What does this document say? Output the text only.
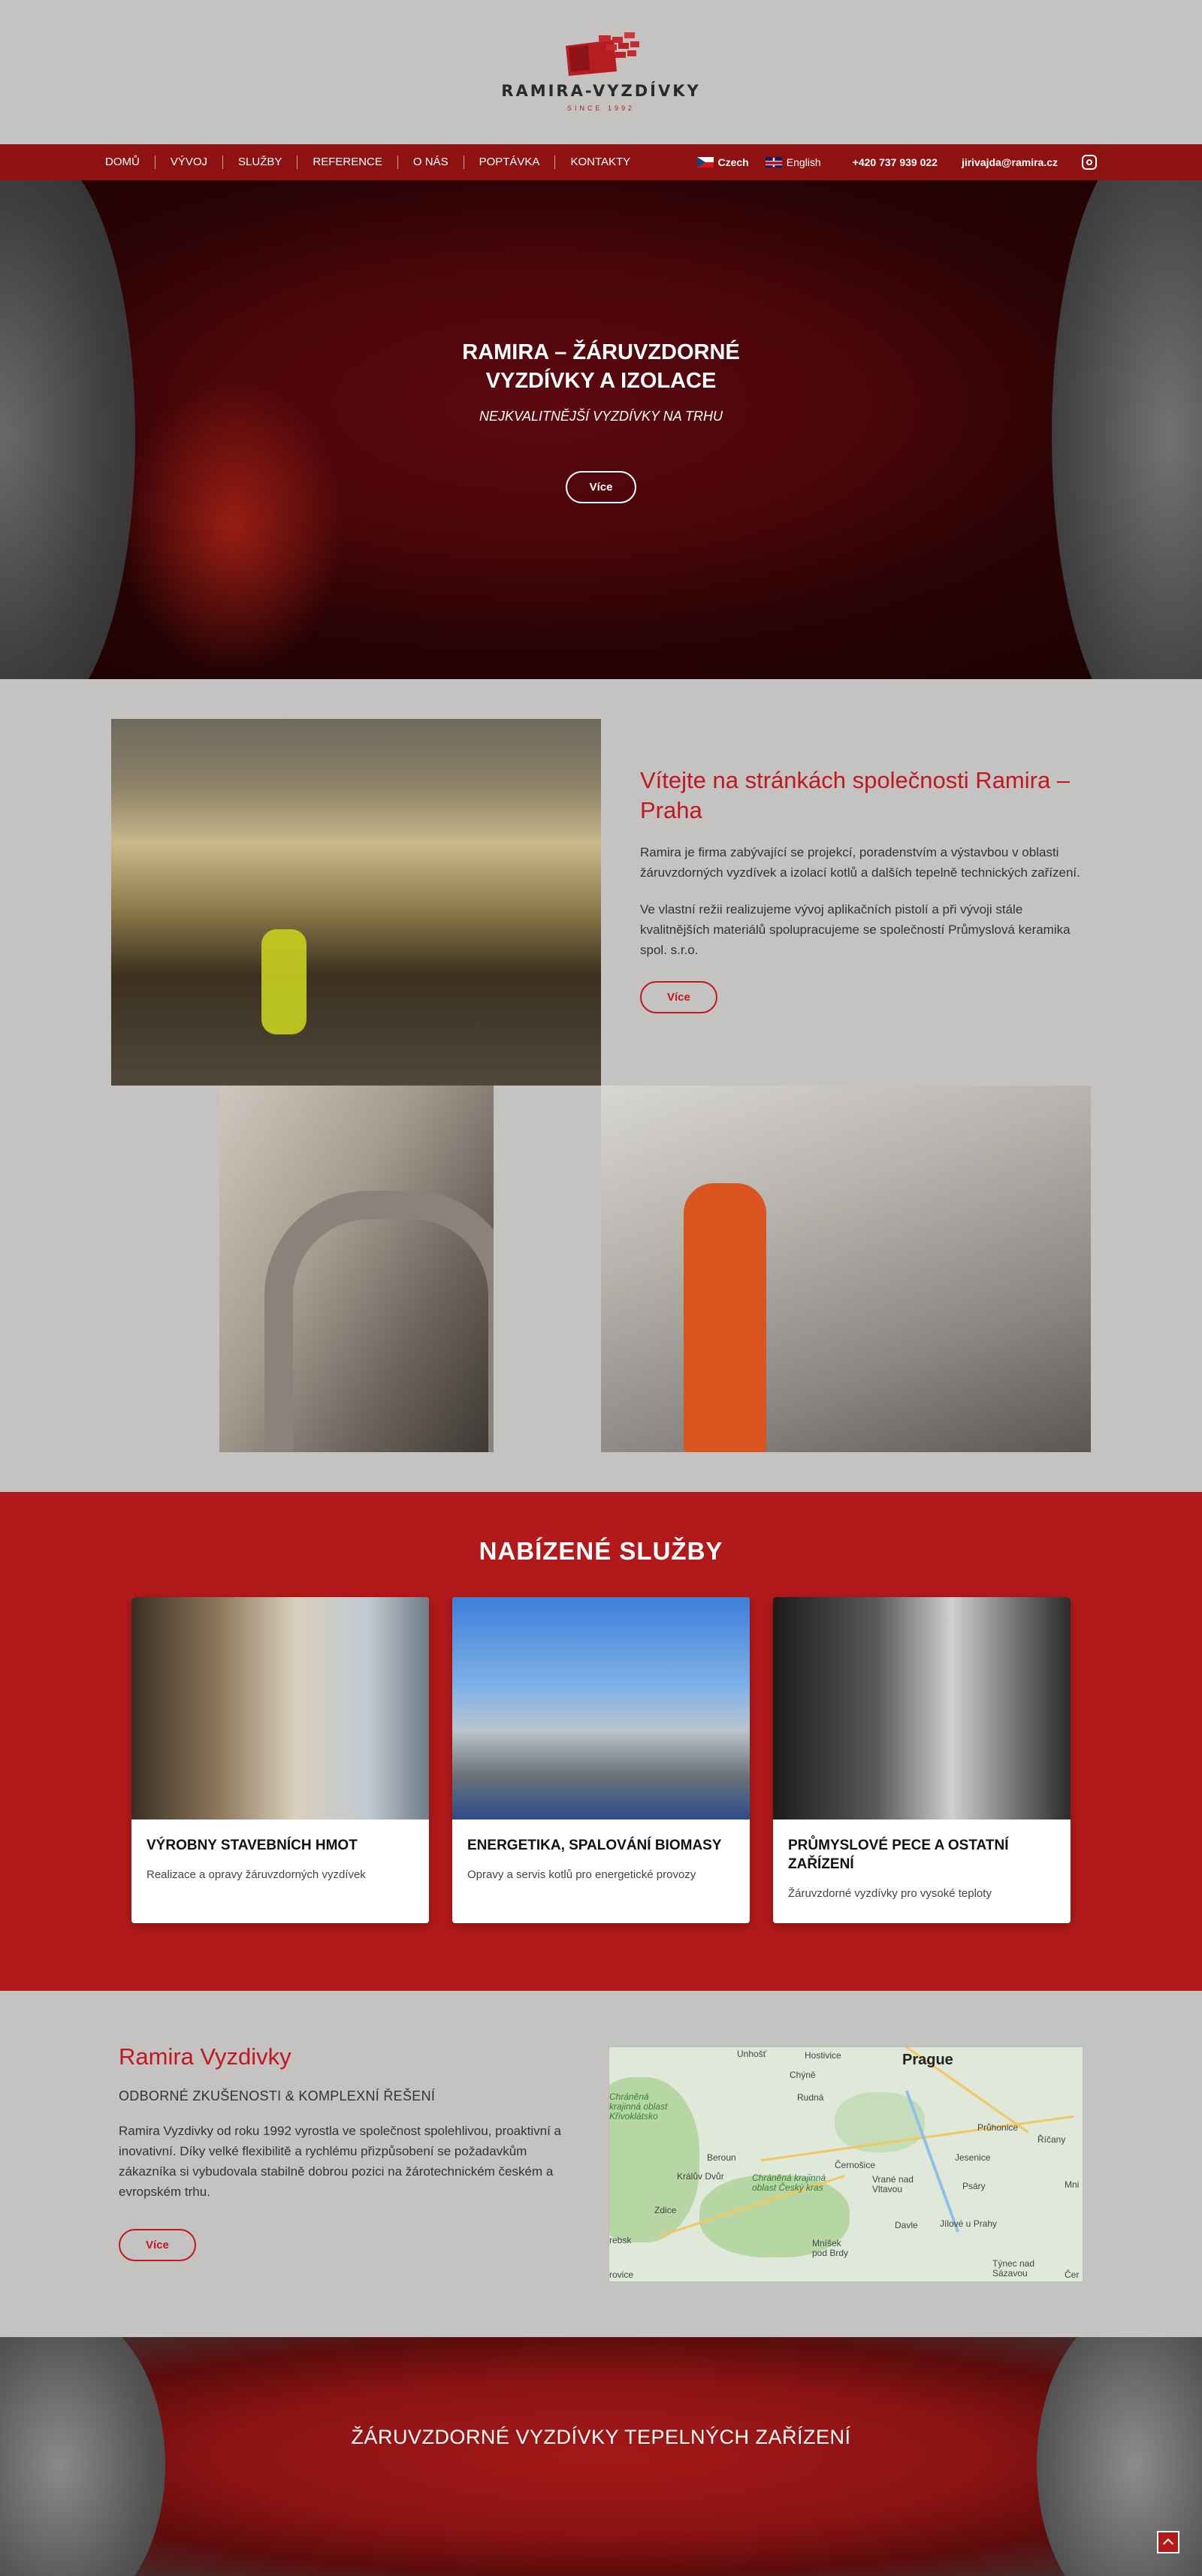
RAMIRA-VYZDÍVKY
SINCE 1992
DOMŮ	VÝVOJ	SLUŽBY	REFERENCE	O NÁS	POPTÁVKA	KONTAKTY	Czech	English	+420 737 939 022 jirivajda@ramira.cz
RAMIRA – ŽÁRUVZDORNÉ VYZDÍVKY A IZOLACE
NEJKVALITNĚJŠÍ VYZDÍVKY NA TRHU
Více
Vítejte na stránkách společnosti Ramira – Praha

Ramira je firma zabývající se projekcí, poradenstvím a výstavbou v oblasti žáruvzdorných vyzdívek a izolací kotlů a dalších tepelně technických zařízení.

Ve vlastní režii realizujeme vývoj aplikačních pistolí a při vývoji stále kvalitnějších materiálů spolupracujeme se společností Průmyslová keramika spol. s.r.o.

Více
NABÍZENÉ SLUŽBY
VÝROBNY STAVEBNÍCH HMOT
Realizace a opravy žáruvzdorných vyzdívek
ENERGETIKA, SPALOVÁNÍ BIOMASY
Opravy a servis kotlů pro energetické provozy
PRŮMYSLOVÉ PECE A OSTATNÍ ZAŘÍZENÍ
Žáruvzdorné vyzdívky pro vysoké teploty
Ramira Vyzdivky
ODBORNÉ ZKUŠENOSTI & KOMPLEXNÍ ŘEŠENÍ

Ramira Vyzdivky od roku 1992 vyrostla ve společnost spolehlivou, proaktivní a inovativní. Díky velké flexibilitě a rychlému přizpůsobení se požadavkům zákazníka si vybudovala stabilně dobrou pozici na žárotechnickém českém a evropském trhu.

Více
Prague
Unhošť	Hostivice
Chýně
Rudná
Průhonice
Říčany
Jesenice
Černošice
Vrané nad Vltavou	Psáry
Beroun
Králův Dvůr
Zdice
Chráněná krajinná oblast Český kras
Chráněná krajinná oblast Křivoklátsko
Davle Jílové u Prahy
Mníšek pod Brdy
Týnec nad Sázavou
rebsk
rovice
Mni
Čer
ŽÁRUVZDORNÉ VYZDÍVKY TEPELNÝCH ZAŘÍZENÍ
